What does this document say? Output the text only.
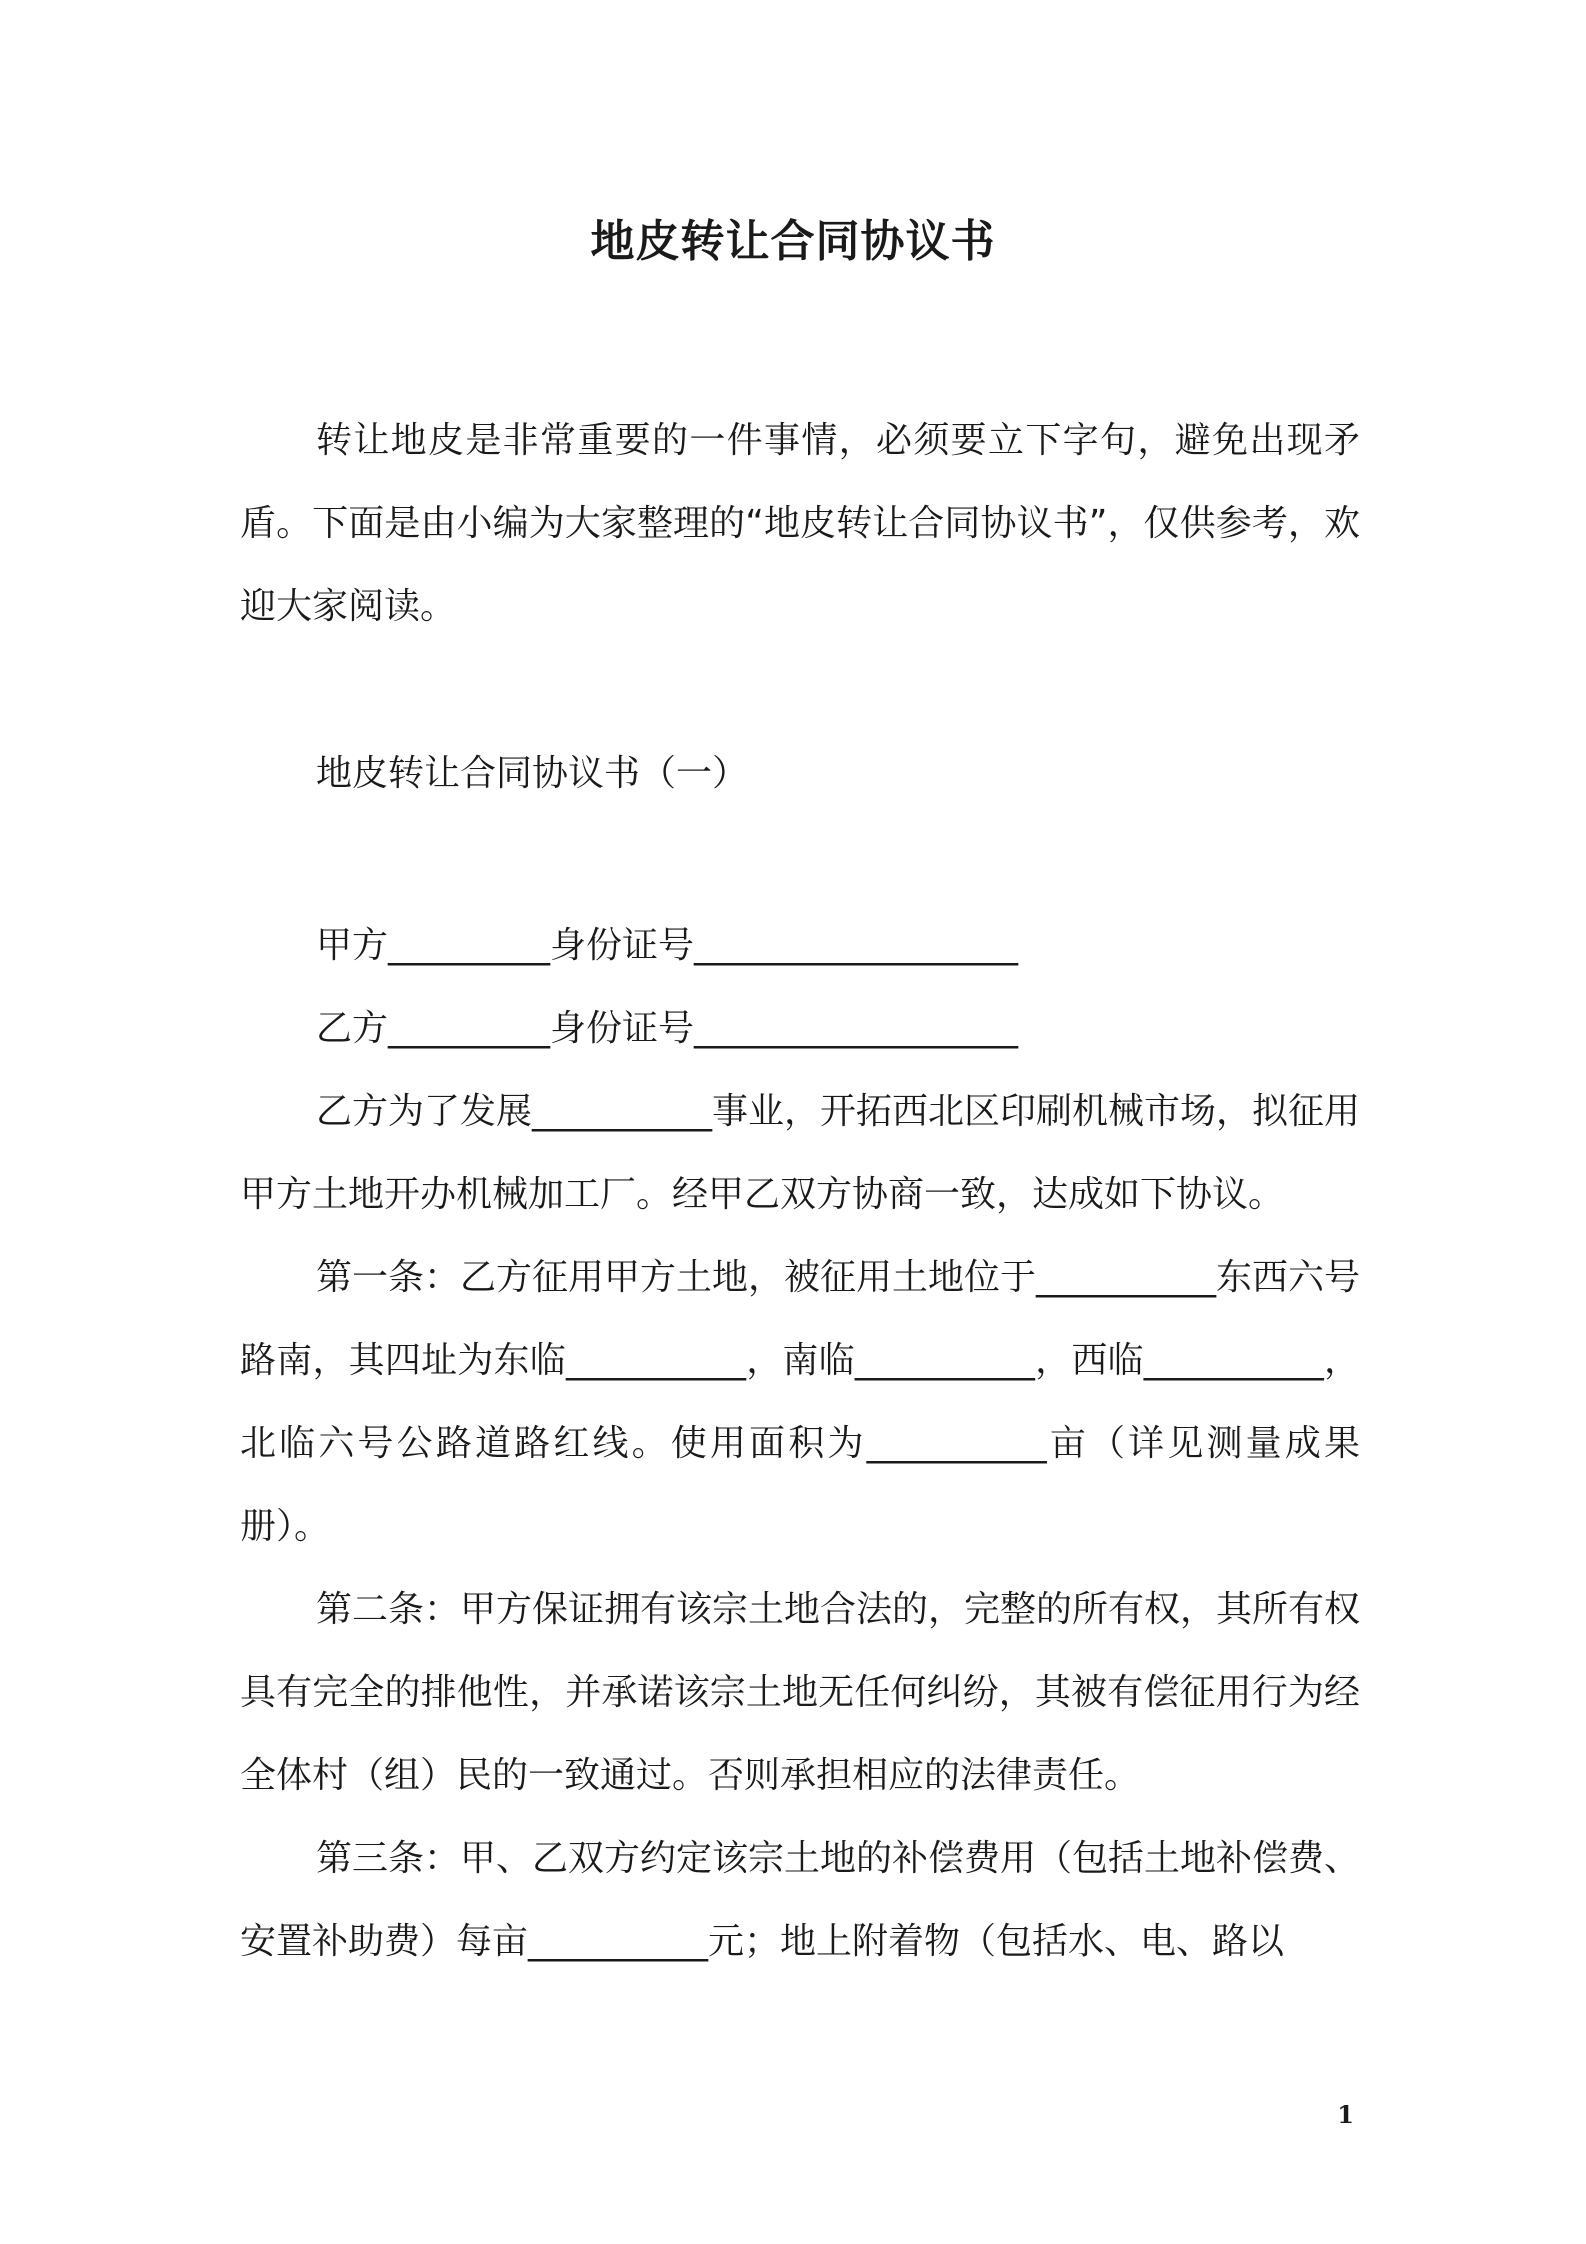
地皮转让合同协议书

转让地皮是非常重要的一件事情，必须要立下字句，避免出现矛盾。下面是由小编为大家整理的“地皮转让合同协议书”，仅供参考，欢迎大家阅读。

地皮转让合同协议书（一）

甲方_________身份证号__________________

乙方_________身份证号__________________

乙方为了发展__________事业，开拓西北区印刷机械市场，拟征用甲方土地开办机械加工厂。经甲乙双方协商一致，达成如下协议。

第一条：乙方征用甲方土地，被征用土地位于__________东西六号路南，其四址为东临__________，南临__________，西临__________，北临六号公路道路红线。使用面积为__________亩（详见测量成果册）。

第二条：甲方保证拥有该宗土地合法的，完整的所有权，其所有权具有完全的排他性，并承诺该宗土地无任何纠纷，其被有偿征用行为经全体村（组）民的一致通过。否则承担相应的法律责任。

第三条：甲、乙双方约定该宗土地的补偿费用（包括土地补偿费、安置补助费）每亩__________元；地上附着物（包括水、电、路以

1
